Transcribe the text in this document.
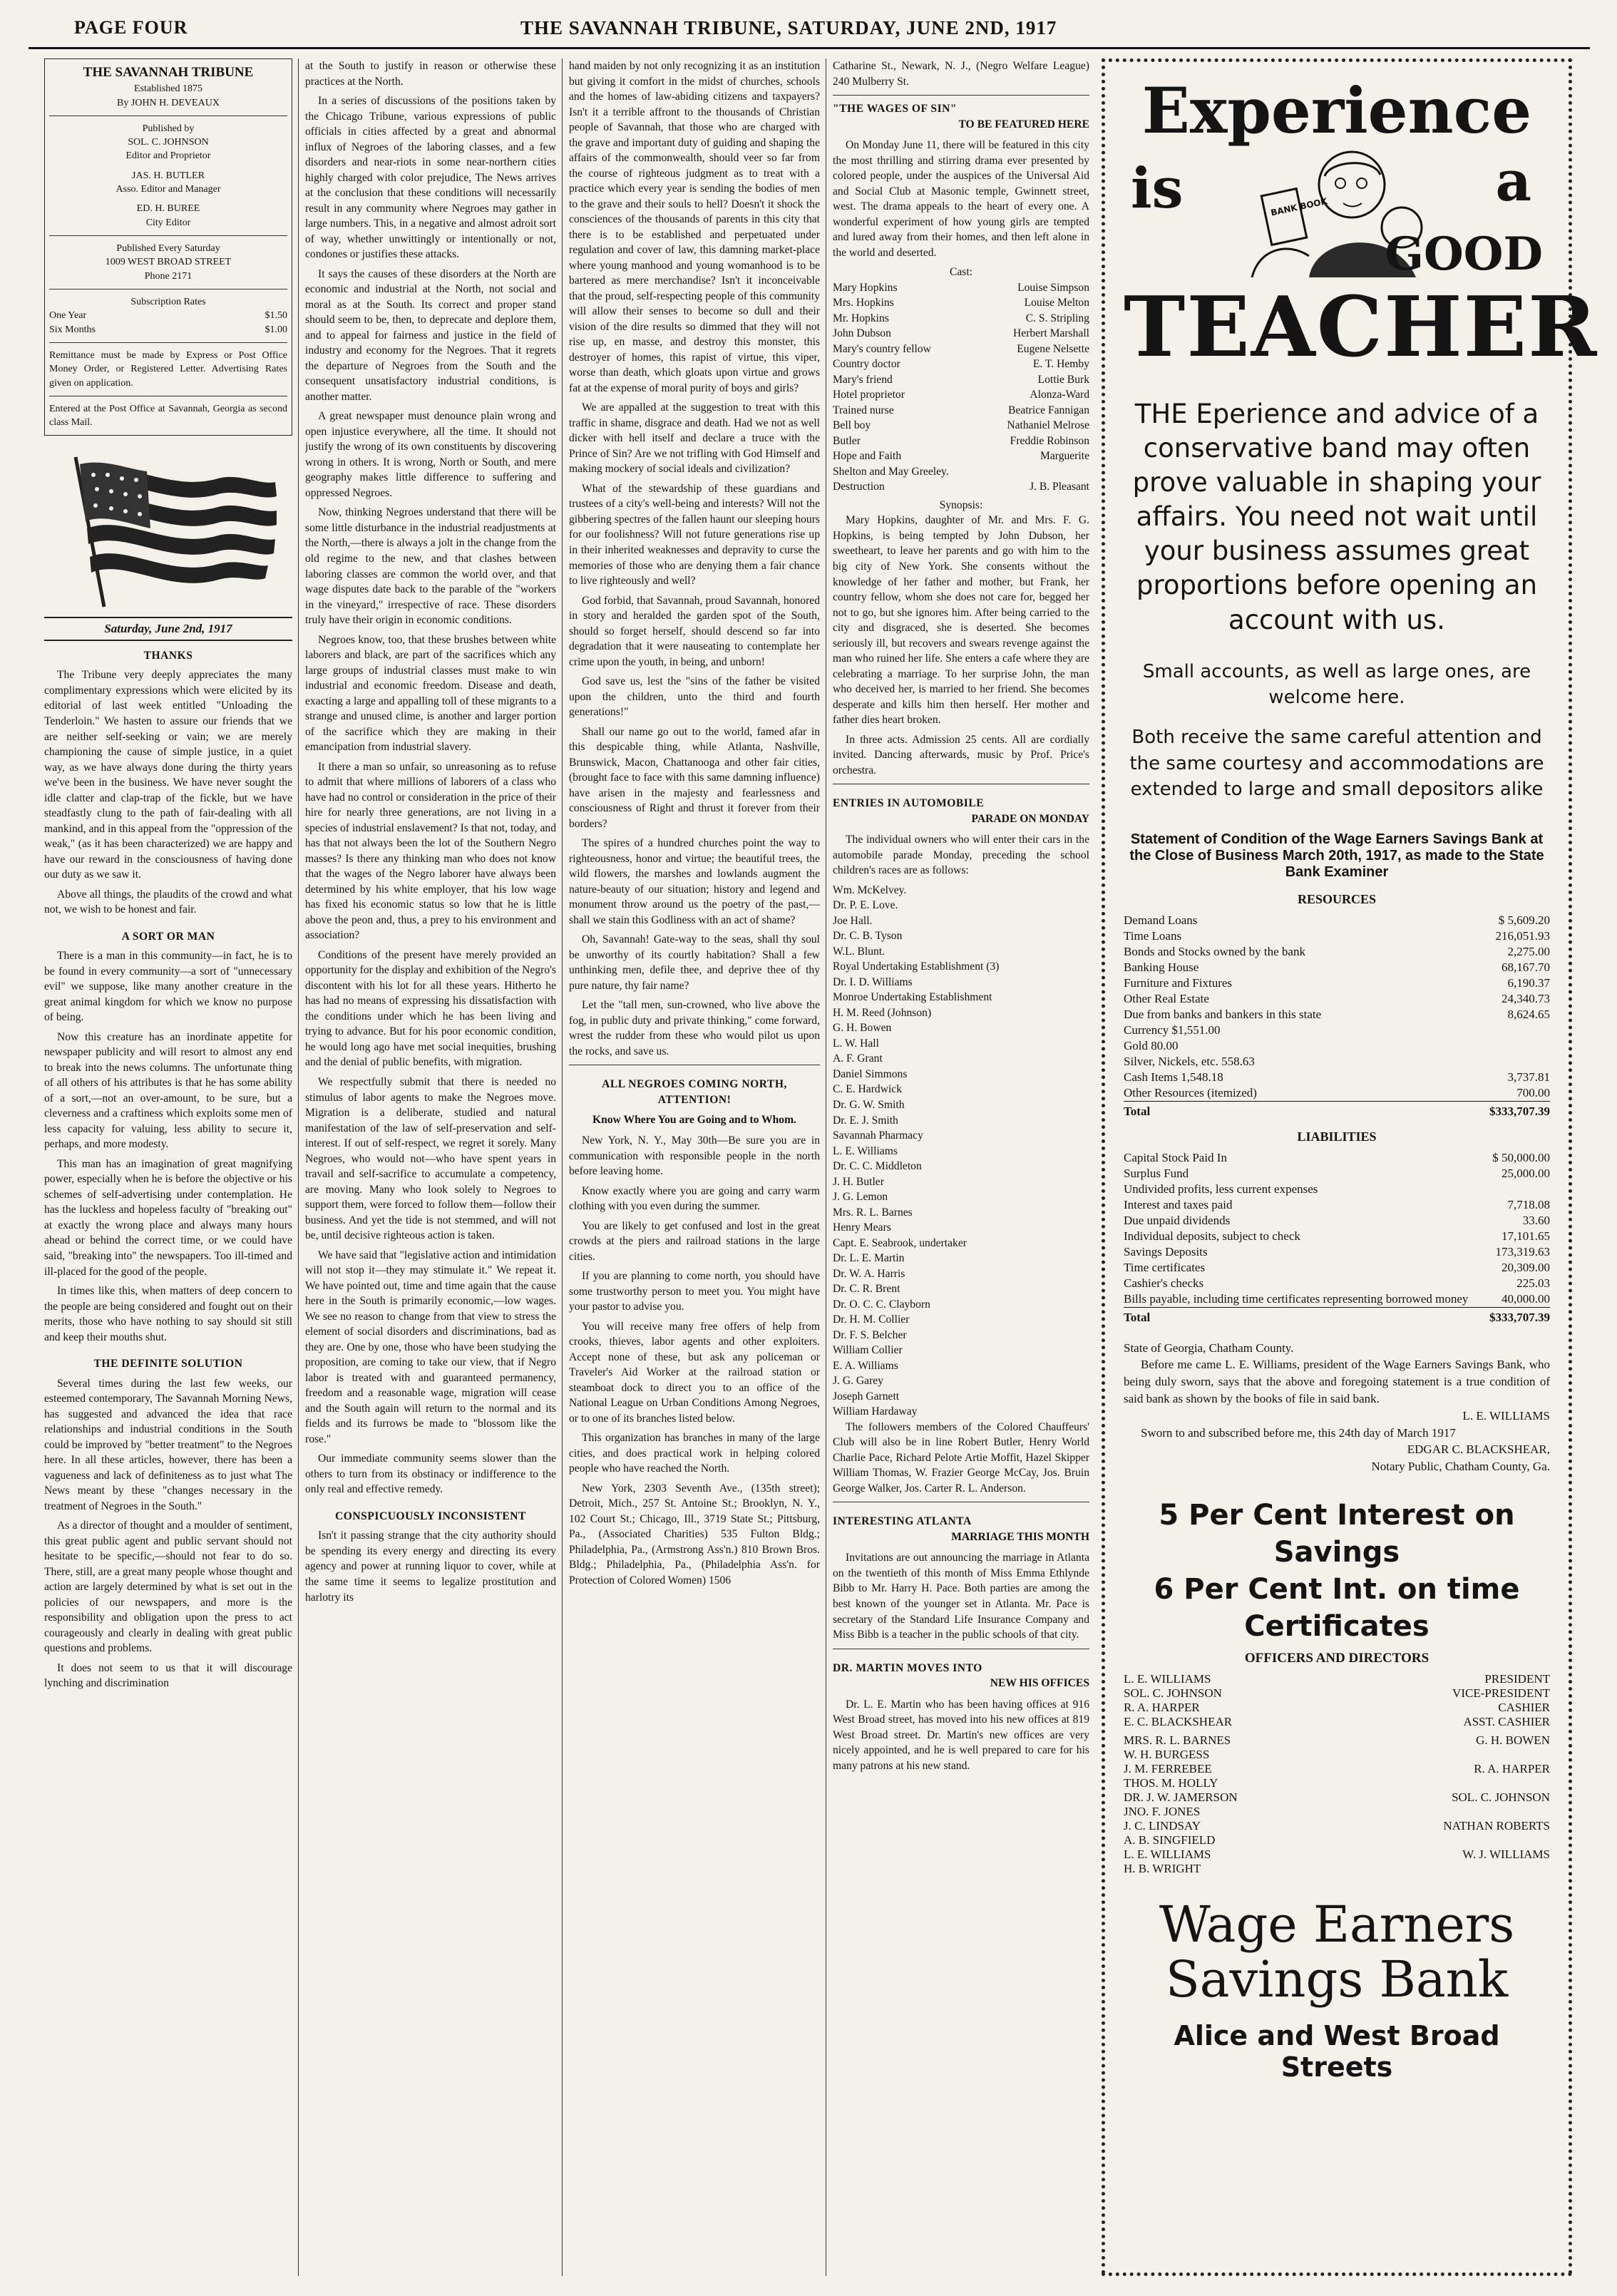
PAGE FOUR	THE SAVANNAH TRIBUNE, SATURDAY, JUNE 2ND, 1917
THE SAVANNAH TRIBUNE
Established 1875
By JOHN H. DEVEAUX
Published by
SOL. C. JOHNSON
Editor and Proprietor
JAS. H. BUTLER
Asso. Editor and Manager
ED. H. BUREE
City Editor
Published Every Saturday
1009 WEST BROAD STREET
Phone 2171
Subscription Rates
One Year	$1.50
Six Months	$1.00
Remittance must be made by Express or Post Office Money Order, or Registered Letter. Advertising Rates given on application.
Entered at the Post Office at Savannah, Georgia as second class Mail.
Saturday, June 2nd, 1917
THANKS

The Tribune very deeply appreciates the many complimentary expressions which were elicited by its editorial of last week entitled "Unloading the Tenderloin." We hasten to assure our friends that we are neither self-seeking or vain; we are merely championing the cause of simple justice, in a quiet way, as we have always done during the thirty years we've been in the business. We have never sought the idle clatter and clap-trap of the fickle, but we have steadfastly clung to the path of fair-dealing with all mankind, and in this appeal from the "oppression of the weak," (as it has been characterized) we are happy and have our reward in the consciousness of having done our duty as we saw it.

Above all things, the plaudits of the crowd and what not, we wish to be honest and fair.

A SORT OR MAN

There is a man in this community—in fact, he is to be found in every community—a sort of "unnecessary evil" we suppose, like many another creature in the great animal kingdom for which we know no purpose of being.

Now this creature has an inordinate appetite for newspaper publicity and will resort to almost any end to break into the news columns. The unfortunate thing of all others of his attributes is that he has some ability of a sort,—not an over-amount, to be sure, but a cleverness and a craftiness which exploits some men of less capacity for valuing, less ability to secure it, perhaps, and more modesty.

This man has an imagination of great magnifying power, especially when he is before the objective or his schemes of self-advertising under contemplation. He has the luckless and hopeless faculty of "breaking out" at exactly the wrong place and always many hours ahead or behind the correct time, or we could have said, "breaking into" the newspapers. Too ill-timed and ill-placed for the good of the people.

In times like this, when matters of deep concern to the people are being considered and fought out on their merits, those who have nothing to say should sit still and keep their mouths shut.

THE DEFINITE SOLUTION

Several times during the last few weeks, our esteemed contemporary, The Savannah Morning News, has suggested and advanced the idea that race relationships and industrial conditions in the South could be improved by "better treatment" to the Negroes here. In all these articles, however, there has been a vagueness and lack of definiteness as to just what The News meant by these "changes necessary in the treatment of Negroes in the South."

As a director of thought and a moulder of sentiment, this great public agent and public servant should not hesitate to be specific,—should not fear to do so. There, still, are a great many people whose thought and action are largely determined by what is set out in the policies of our newspapers, and more is the responsibility and obligation upon the press to act courageously and clearly in dealing with great public questions and problems.

It does not seem to us that it will discourage lynching and discrimination

at the South to justify in reason or otherwise these practices at the North.

In a series of discussions of the positions taken by the Chicago Tribune, various expressions of public officials in cities affected by a great and abnormal influx of Negroes of the laboring classes, and a few disorders and near-riots in some near-northern cities highly charged with color prejudice, The News arrives at the conclusion that these conditions will necessarily result in any community where Negroes may gather in large numbers. This, in a negative and almost adroit sort of way, whether unwittingly or intentionally or not, condones or justifies these attacks.

It says the causes of these disorders at the North are economic and industrial at the North, not social and moral as at the South. Its correct and proper stand should seem to be, then, to deprecate and deplore them, and to appeal for fairness and justice in the field of industry and economy for the Negroes. That it regrets the departure of Negroes from the South and the consequent unsatisfactory industrial conditions, is another matter.

A great newspaper must denounce plain wrong and open injustice everywhere, all the time. It should not justify the wrong of its own constituents by discovering wrong in others. It is wrong, North or South, and mere geography makes little difference to suffering and oppressed Negroes.

Now, thinking Negroes understand that there will be some little disturbance in the industrial readjustments at the North,—there is always a jolt in the change from the old regime to the new, and that clashes between laboring classes are common the world over, and that wage disputes date back to the parable of the "workers in the vineyard," irrespective of race. These disorders truly have their origin in economic conditions.

Negroes know, too, that these brushes between white laborers and black, are part of the sacrifices which any large groups of industrial classes must make to win industrial and economic freedom. Disease and death, exacting a large and appalling toll of these migrants to a strange and unused clime, is another and larger portion of the sacrifice which they are making in their emancipation from industrial slavery.

It there a man so unfair, so unreasoning as to refuse to admit that where millions of laborers of a class who have had no control or consideration in the price of their hire for nearly three generations, are not living in a species of industrial enslavement? Is that not, today, and has that not always been the lot of the Southern Negro masses? Is there any thinking man who does not know that the wages of the Negro laborer have always been determined by his white employer, that his low wage has fixed his economic status so low that he is little above the peon and, thus, a prey to his environment and association?

Conditions of the present have merely provided an opportunity for the display and exhibition of the Negro's discontent with his lot for all these years. Hitherto he has had no means of expressing his dissatisfaction with the conditions under which he has been living and trying to advance. But for his poor economic condition, he would long ago have met social inequities, brushing and the denial of public benefits, with migration.

We respectfully submit that there is needed no stimulus of labor agents to make the Negroes move. Migration is a deliberate, studied and natural manifestation of the law of self-preservation and self-interest. If out of self-respect, we regret it sorely. Many Negroes, who would not—who have spent years in travail and self-sacrifice to accumulate a competency, are moving. Many who look solely to Negroes to support them, were forced to follow them—follow their business. And yet the tide is not stemmed, and will not be, until decisive righteous action is taken.

We have said that "legislative action and intimidation will not stop it—they may stimulate it." We repeat it. We have pointed out, time and time again that the cause here in the South is primarily economic,—low wages. We see no reason to change from that view to stress the element of social disorders and discriminations, bad as they are. One by one, those who have been studying the proposition, are coming to take our view, that if Negro labor is treated with and guaranteed permanency, freedom and a reasonable wage, migration will cease and the South again will return to the normal and its fields and its furrows be made to "blossom like the rose."

Our immediate community seems slower than the others to turn from its obstinacy or indifference to the only real and effective remedy.

CONSPICUOUSLY INCONSISTENT

Isn't it passing strange that the city authority should be spending its every energy and directing its every agency and power at running liquor to cover, while at the same time it seems to legalize prostitution and harlotry its

hand maiden by not only recognizing it as an institution but giving it comfort in the midst of churches, schools and the homes of law-abiding citizens and taxpayers? Isn't it a terrible affront to the thousands of Christian people of Savannah, that those who are charged with the grave and important duty of guiding and shaping the affairs of the commonwealth, should veer so far from the course of righteous judgment as to treat with a practice which every year is sending the bodies of men to the grave and their souls to hell? Doesn't it shock the consciences of the thousands of parents in this city that there is to be established and perpetuated under regulation and cover of law, this damning market-place where young manhood and young womanhood is to be bartered as mere merchandise? Isn't it inconceivable that the proud, self-respecting people of this community will allow their senses to become so dull and their vision of the dire results so dimmed that they will not rise up, en masse, and destroy this monster, this destroyer of homes, this rapist of virtue, this viper, worse than death, which gloats upon virtue and grows fat at the expense of moral purity of boys and girls?

We are appalled at the suggestion to treat with this traffic in shame, disgrace and death. Had we not as well dicker with hell itself and declare a truce with the Prince of Sin? Are we not trifling with God Himself and making mockery of social ideals and civilization?

What of the stewardship of these guardians and trustees of a city's well-being and interests? Will not the gibbering spectres of the fallen haunt our sleeping hours for our foolishness? Will not future generations rise up in their inherited weaknesses and depravity to curse the memories of those who are denying them a fair chance to live righteously and well?

God forbid, that Savannah, proud Savannah, honored in story and heralded the garden spot of the South, should so forget herself, should descend so far into degradation that it were nauseating to contemplate her crime upon the youth, in being, and unborn!

God save us, lest the "sins of the father be visited upon the children, unto the third and fourth generations!"

Shall our name go out to the world, famed afar in this despicable thing, while Atlanta, Nashville, Brunswick, Macon, Chattanooga and other fair cities, (brought face to face with this same damning influence) have arisen in the majesty and fearlessness and consciousness of Right and thrust it forever from their borders?

The spires of a hundred churches point the way to righteousness, honor and virtue; the beautiful trees, the wild flowers, the marshes and lowlands augment the nature-beauty of our situation; history and legend and monument throw around us the poetry of the past,—shall we stain this Godliness with an act of shame?

Oh, Savannah! Gate-way to the seas, shall thy soul be unworthy of its courtly habitation? Shall a few unthinking men, defile thee, and deprive thee of thy pure nature, thy fair name?

Let the "tall men, sun-crowned, who live above the fog, in public duty and private thinking," come forward, wrest the rudder from these who would pilot us upon the rocks, and save us.

ALL NEGROES COMING NORTH, ATTENTION!
Know Where You are Going and to Whom.

New York, N. Y., May 30th—Be sure you are in communication with responsible people in the north before leaving home.

Know exactly where you are going and carry warm clothing with you even during the summer.

You are likely to get confused and lost in the great crowds at the piers and railroad stations in the large cities.

If you are planning to come north, you should have some trustworthy person to meet you. You might have your pastor to advise you.

You will receive many free offers of help from crooks, thieves, labor agents and other exploiters. Accept none of these, but ask any policeman or Traveler's Aid Worker at the railroad station or steamboat dock to direct you to an office of the National League on Urban Conditions Among Negroes, or to one of its branches listed below.

This organization has branches in many of the large cities, and does practical work in helping colored people who have reached the North.

New York, 2303 Seventh Ave., (135th street); Detroit, Mich., 257 St. Antoine St.; Brooklyn, N. Y., 102 Court St.; Chicago, Ill., 3719 State St.; Pittsburg, Pa., (Associated Charities) 535 Fulton Bldg.; Philadelphia, Pa., (Armstrong Ass'n.) 810 Brown Bros. Bldg.; Philadelphia, Pa., (Philadelphia Ass'n. for Protection of Colored Women) 1506

Catharine St., Newark, N. J., (Negro Welfare League) 240 Mulberry St.

"THE WAGES OF SIN"
TO BE FEATURED HERE

On Monday June 11, there will be featured in this city the most thrilling and stirring drama ever presented by colored people, under the auspices of the Universal Aid and Social Club at Masonic temple, Gwinnett street, west. The drama appeals to the heart of every one. A wonderful experiment of how young girls are tempted and lured away from their homes, and then left alone in the world and deserted.

Cast:
Mary Hopkins	Louise Simpson
Mrs. Hopkins	Louise Melton
Mr. Hopkins	C. S. Stripling
John Dubson	Herbert Marshall
Mary's country fellow	Eugene Nelsette
Country doctor	E. T. Hemby
Mary's friend	Lottie Burk
Hotel proprietor	Alonza-Ward
Trained nurse	Beatrice Fannigan
Bell boy	Nathaniel Melrose
Butler	Freddie Robinson
Hope and Faith	Marguerite
Shelton and May Greeley.
Destruction	J. B. Pleasant
Synopsis:

Mary Hopkins, daughter of Mr. and Mrs. F. G. Hopkins, is being tempted by John Dubson, her sweetheart, to leave her parents and go with him to the big city of New York. She consents without the knowledge of her father and mother, but Frank, her country fellow, whom she does not care for, begged her not to go, but she ignores him. After being carried to the city and disgraced, she is deserted. She becomes seriously ill, but recovers and swears revenge against the man who ruined her life. She enters a cafe where they are celebrating a marriage. To her surprise John, the man who deceived her, is married to her friend. She becomes desperate and kills him then herself. Her mother and father dies heart broken.

In three acts. Admission 25 cents. All are cordially invited. Dancing afterwards, music by Prof. Price's orchestra.

ENTRIES IN AUTOMOBILE
PARADE ON MONDAY

The individual owners who will enter their cars in the automobile parade Monday, preceding the school children's races are as follows:

Wm. McKelvey.
Dr. P. E. Love.
Joe Hall.
Dr. C. B. Tyson
W.L. Blunt.
Royal Undertaking Establishment (3)
Dr. I. D. Williams
Monroe Undertaking Establishment
H. M. Reed (Johnson)
G. H. Bowen
L. W. Hall
A. F. Grant
Daniel Simmons
C. E. Hardwick
Dr. G. W. Smith
Dr. E. J. Smith
Savannah Pharmacy
L. E. Williams
Dr. C. C. Middleton
J. H. Butler
J. G. Lemon
Mrs. R. L. Barnes
Henry Mears
Capt. E. Seabrook, undertaker
Dr. L. E. Martin
Dr. W. A. Harris
Dr. C. R. Brent
Dr. O. C. C. Clayborn
Dr. H. M. Collier
Dr. F. S. Belcher
William Collier
E. A. Williams
J. G. Garey
Joseph Garnett
William Hardaway

The followers members of the Colored Chauffeurs' Club will also be in line Robert Butler, Henry World Charlie Pace, Richard Pelote Artie Moffit, Hazel Skipper William Thomas, W. Frazier George McCay, Jos. Bruin George Walker, Jos. Carter R. L. Anderson.

INTERESTING ATLANTA
MARRIAGE THIS MONTH

Invitations are out announcing the marriage in Atlanta on the twentieth of this month of Miss Emma Ethlynde Bibb to Mr. Harry H. Pace. Both parties are among the best known of the younger set in Atlanta. Mr. Pace is secretary of the Standard Life Insurance Company and Miss Bibb is a teacher in the public schools of that city.

DR. MARTIN MOVES INTO
NEW HIS OFFICES

Dr. L. E. Martin who has been having offices at 916 West Broad street, has moved into his new offices at 819 West Broad street. Dr. Martin's new offices are very nicely appointed, and he is well prepared to care for his many patrons at his new stand.

Experience
is	a
BANK BOOK
GOOD
TEACHER
THE Eperience and advice of a conservative band may often prove valuable in shaping your affairs. You need not wait until your business assumes great proportions before opening an account with us.
Small accounts, as well as large ones, are welcome here.
Both receive the same careful attention and the same courtesy and accommodations are extended to large and small depositors alike
Statement of Condition of the Wage Earners Savings Bank at the Close of Business March 20th, 1917, as made to the State Bank Examiner
RESOURCES
Demand Loans	$ 5,609.20
Time Loans	216,051.93
Bonds and Stocks owned by the bank	2,275.00
Banking House	68,167.70
Furniture and Fixtures	6,190.37
Other Real Estate	24,340.73
Due from banks and bankers in this state	8,624.65
Currency $1,551.00	
Gold 80.00	
Silver, Nickels, etc. 558.63	
Cash Items 1,548.18	3,737.81
Other Resources (itemized)	700.00
Total	$333,707.39
LIABILITIES
Capital Stock Paid In	$ 50,000.00
Surplus Fund	25,000.00
Undivided profits, less current expenses	
Interest and taxes paid	7,718.08
Due unpaid dividends	33.60
Individual deposits, subject to check	17,101.65
Savings Deposits	173,319.63
Time certificates	20,309.00
Cashier's checks	225.03
Bills payable, including time certificates representing borrowed money	40,000.00
Total	$333,707.39
State of Georgia, Chatham County.
Before me came L. E. Williams, president of the Wage Earners Savings Bank, who being duly sworn, says that the above and foregoing statement is a true condition of said bank as shown by the books of file in said bank.
L. E. WILLIAMS
Sworn to and subscribed before me, this 24th day of March 1917
EDGAR C. BLACKSHEAR,
Notary Public, Chatham County, Ga.
5 Per Cent Interest on Savings
6 Per Cent Int. on time Certificates
OFFICERS AND DIRECTORS
L. E. WILLIAMS	PRESIDENT
SOL. C. JOHNSON	VICE-PRESIDENT
R. A. HARPER	CASHIER
E. C. BLACKSHEAR	ASST. CASHIER
MRS. R. L. BARNES	G. H. BOWEN
W. H. BURGESS
J. M. FERREBEE	R. A. HARPER
THOS. M. HOLLY
DR. J. W. JAMERSON	SOL. C. JOHNSON
JNO. F. JONES
J. C. LINDSAY	NATHAN ROBERTS
A. B. SINGFIELD
L. E. WILLIAMS	W. J. WILLIAMS
H. B. WRIGHT
Wage Earners
Savings Bank
Alice and West Broad Streets
